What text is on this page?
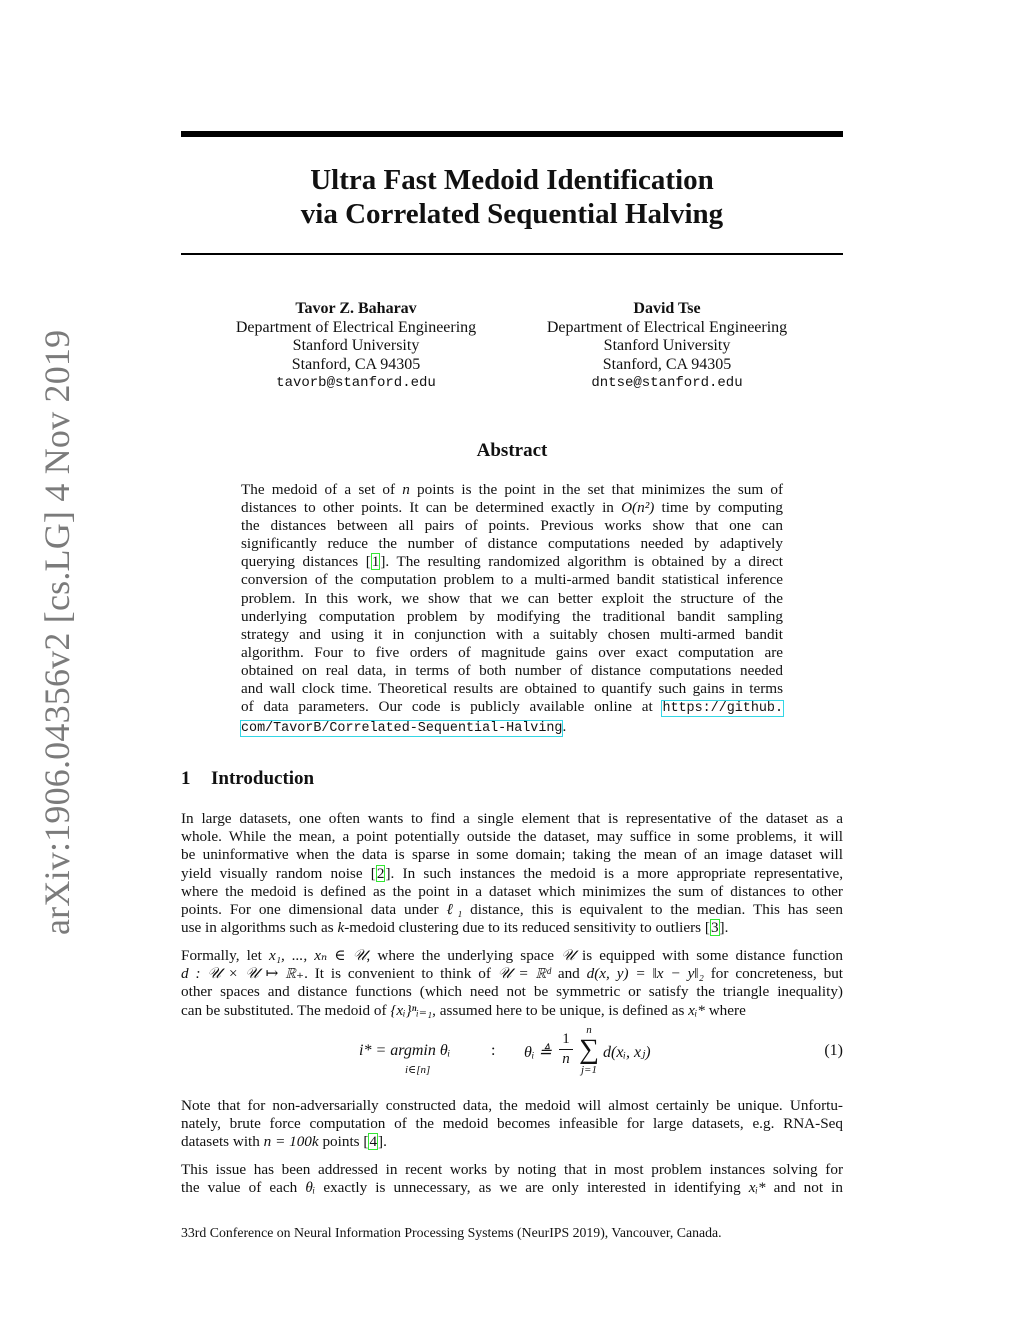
arXiv:1906.04356v2 [cs.LG] 4 Nov 2019
Ultra Fast Medoid Identification
via Correlated Sequential Halving
Tavor Z. Baharav
Department of Electrical Engineering
Stanford University
Stanford, CA 94305
tavorb@stanford.edu
David Tse
Department of Electrical Engineering
Stanford University
Stanford, CA 94305
dntse@stanford.edu
Abstract
The medoid of a set of n points is the point in the set that minimizes the sum of
distances to other points. It can be determined exactly in O(n²) time by computing
the distances between all pairs of points. Previous works show that one can
significantly reduce the number of distance computations needed by adaptively
querying distances [1]. The resulting randomized algorithm is obtained by a direct
conversion of the computation problem to a multi-armed bandit statistical inference
problem. In this work, we show that we can better exploit the structure of the
underlying computation problem by modifying the traditional bandit sampling
strategy and using it in conjunction with a suitably chosen multi-armed bandit
algorithm. Four to five orders of magnitude gains over exact computation are
obtained on real data, in terms of both number of distance computations needed
and wall clock time. Theoretical results are obtained to quantify such gains in terms
of data parameters. Our code is publicly available online at https://github.
com/TavorB/Correlated-Sequential-Halving.
1 Introduction
In large datasets, one often wants to find a single element that is representative of the dataset as a
whole. While the mean, a point potentially outside the dataset, may suffice in some problems, it will
be uninformative when the data is sparse in some domain; taking the mean of an image dataset will
yield visually random noise [2]. In such instances the medoid is a more appropriate representative,
where the medoid is defined as the point in a dataset which minimizes the sum of distances to other
points. For one dimensional data under ℓ₁ distance, this is equivalent to the median. This has seen
use in algorithms such as k-medoid clustering due to its reduced sensitivity to outliers [3].
Formally, let x₁, ..., xₙ ∈ 𝒰, where the underlying space 𝒰 is equipped with some distance function
d : 𝒰 × 𝒰 ↦ ℝ₊. It is convenient to think of 𝒰 = ℝᵈ and d(x, y) = ‖x − y‖₂ for concreteness, but
other spaces and distance functions (which need not be symmetric or satisfy the triangle inequality)
can be substituted. The medoid of {xᵢ}ⁿᵢ₌₁, assumed here to be unique, is defined as xᵢ* where
i* = argmin θᵢ
i∈[n]
: θᵢ ≜ $\frac{1}{n}$	n
∑
j=1
d(xᵢ, xⱼ)	(1)
Note that for non-adversarially constructed data, the medoid will almost certainly be unique. Unfortu-
nately, brute force computation of the medoid becomes infeasible for large datasets, e.g. RNA-Seq
datasets with n = 100k points [4].
This issue has been addressed in recent works by noting that in most problem instances solving for
the value of each θᵢ exactly is unnecessary, as we are only interested in identifying xᵢ* and not in
33rd Conference on Neural Information Processing Systems (NeurIPS 2019), Vancouver, Canada.
